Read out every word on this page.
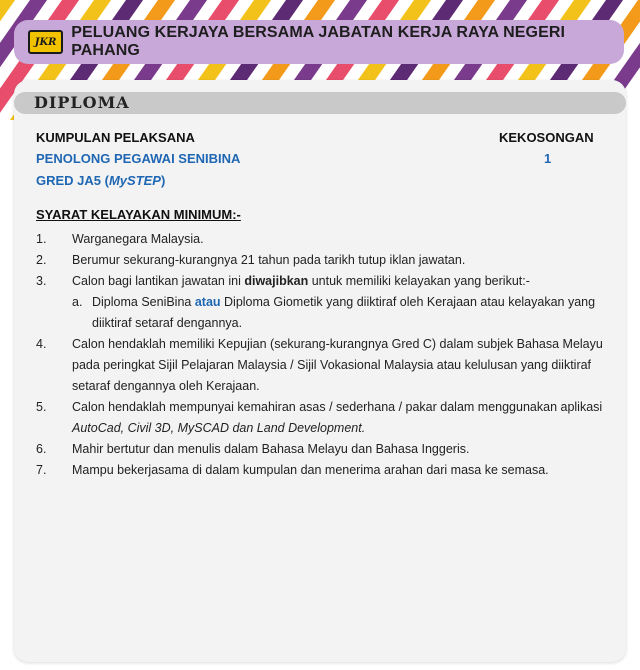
JKR
PELUANG KERJAYA BERSAMA JABATAN KERJA RAYA NEGERI PAHANG
DIPLOMA
KUMPULAN PELAKSANA	KEKOSONGAN
PENOLONG PEGAWAI SENIBINA	1
GRED JA5 (MySTEP)
SYARAT KELAYAKAN MINIMUM:-
1.	Warganegara Malaysia.
2.	Berumur sekurang-kurangnya 21 tahun pada tarikh tutup iklan jawatan.
3.	Calon bagi lantikan jawatan ini diwajibkan untuk memiliki kelayakan yang berikut:-
a. Diploma SeniBina atau Diploma Giometik yang diiktiraf oleh Kerajaan atau kelayakan yang diiktiraf setaraf dengannya.
4.	Calon hendaklah memiliki Kepujian (sekurang-kurangnya Gred C) dalam subjek Bahasa Melayu pada peringkat Sijil Pelajaran Malaysia / Sijil Vokasional Malaysia atau kelulusan yang diiktiraf setaraf dengannya oleh Kerajaan.
5.	Calon hendaklah mempunyai kemahiran asas / sederhana / pakar dalam menggunakan aplikasi AutoCad, Civil 3D, MySCAD dan Land Development.
6.	Mahir bertutur dan menulis dalam Bahasa Melayu dan Bahasa Inggeris.
7.	Mampu bekerjasama di dalam kumpulan dan menerima arahan dari masa ke semasa.
